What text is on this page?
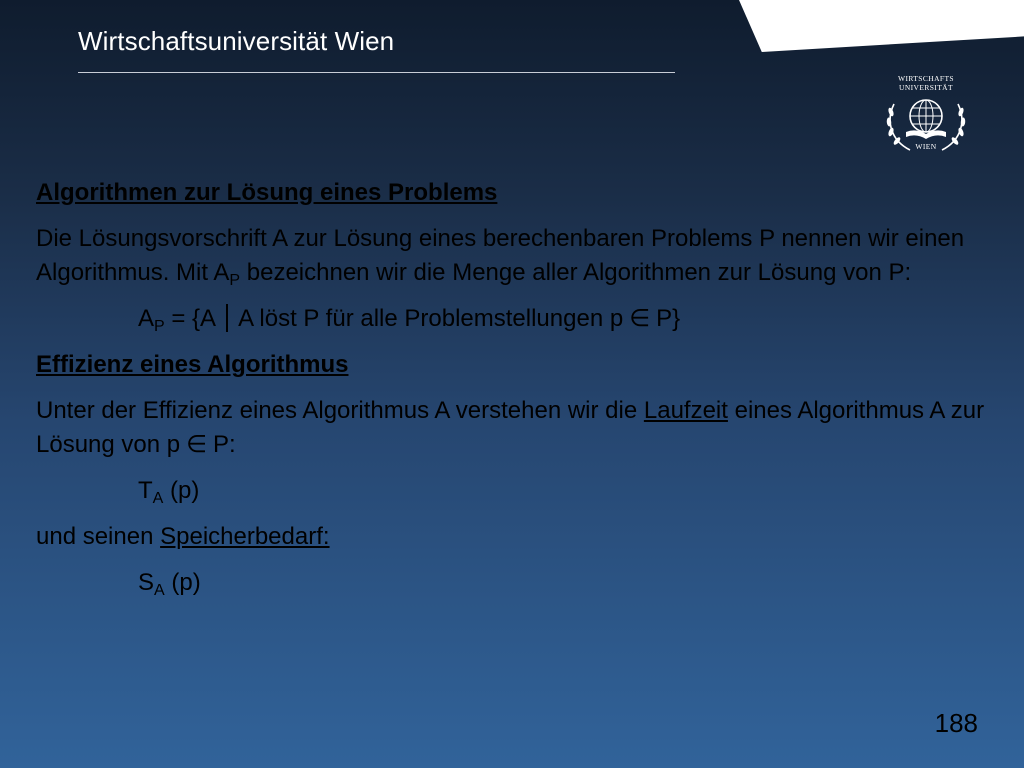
Wirtschaftsuniversität Wien
WIRTSCHAFTS
UNIVERSITÄT
WIEN

Algorithmen zur Lösung eines Problems

Die Lösungsvorschrift A zur Lösung eines berechenbaren Problems P nennen wir einen Algorithmus. Mit $A_P$ bezeichnen wir die Menge aller Algorithmen zur Lösung von P:

$A_P = \{A$ A löst P für alle Problemstellungen p ∈ P}

Effizienz eines Algorithmus

Unter der Effizienz eines Algorithmus A verstehen wir die Laufzeit eines Algorithmus A zur Lösung von p ∈ P:

$T_A$ (p)

und seinen Speicherbedarf:

$S_A$ (p)

188
